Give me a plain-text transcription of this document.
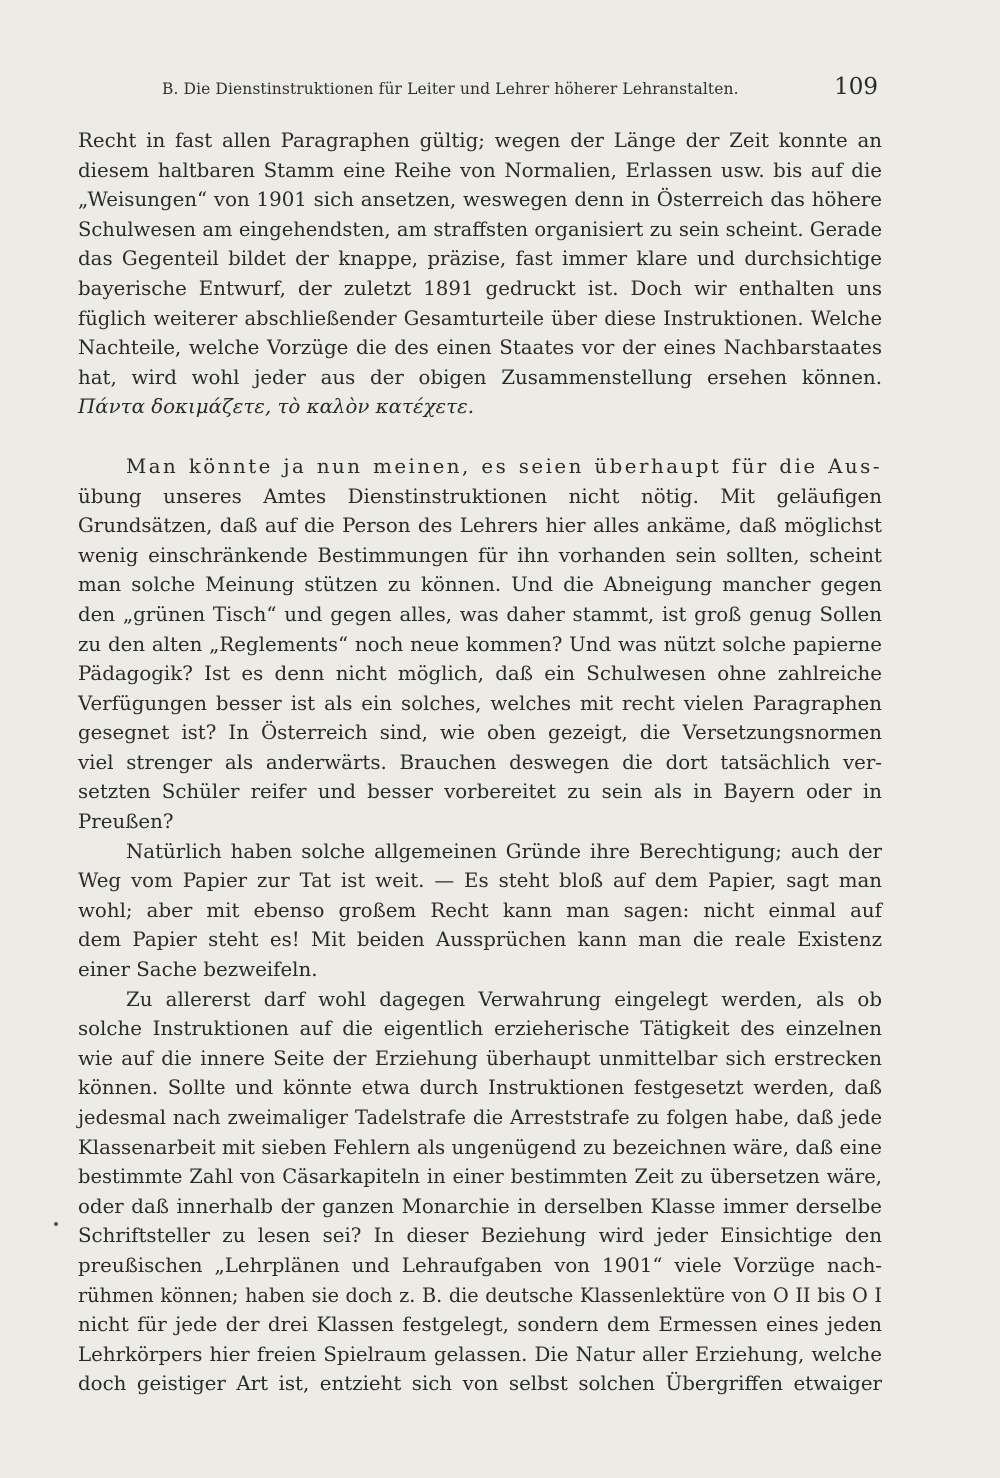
B. Die Dienstinstruktionen für Leiter und Lehrer höherer Lehranstalten.	109
Recht in fast allen Paragraphen gültig; wegen der Länge der Zeit konnte an
diesem haltbaren Stamm eine Reihe von Normalien, Erlassen usw. bis auf die
„Weisungen“ von 1901 sich ansetzen, weswegen denn in Österreich das höhere
Schulwesen am eingehendsten, am straffsten organisiert zu sein scheint. Gerade
das Gegenteil bildet der knappe, präzise, fast immer klare und durchsichtige
bayerische Entwurf, der zuletzt 1891 gedruckt ist. Doch wir enthalten uns
füglich weiterer abschließender Gesamturteile über diese Instruktionen. Welche
Nachteile, welche Vorzüge die des einen Staates vor der eines Nachbarstaates
hat, wird wohl jeder aus der obigen Zusammenstellung ersehen können.
Πάντα δοκιμάζετε, τὸ καλὸν κατέχετε.
Man könnte ja nun meinen, es seien überhaupt für die Aus-
übung unseres Amtes Dienstinstruktionen nicht nötig. Mit geläufigen
Grundsätzen, daß auf die Person des Lehrers hier alles ankäme, daß möglichst
wenig einschränkende Bestimmungen für ihn vorhanden sein sollten, scheint
man solche Meinung stützen zu können. Und die Abneigung mancher gegen
den „grünen Tisch“ und gegen alles, was daher stammt, ist groß genug Sollen
zu den alten „Reglements“ noch neue kommen? Und was nützt solche papierne
Pädagogik? Ist es denn nicht möglich, daß ein Schulwesen ohne zahlreiche
Verfügungen besser ist als ein solches, welches mit recht vielen Paragraphen
gesegnet ist? In Österreich sind, wie oben gezeigt, die Versetzungsnormen
viel strenger als anderwärts. Brauchen deswegen die dort tatsächlich ver-
setzten Schüler reifer und besser vorbereitet zu sein als in Bayern oder in
Preußen?
Natürlich haben solche allgemeinen Gründe ihre Berechtigung; auch der
Weg vom Papier zur Tat ist weit. — Es steht bloß auf dem Papier, sagt man
wohl; aber mit ebenso großem Recht kann man sagen: nicht einmal auf
dem Papier steht es! Mit beiden Aussprüchen kann man die reale Existenz
einer Sache bezweifeln.
Zu allererst darf wohl dagegen Verwahrung eingelegt werden, als ob
solche Instruktionen auf die eigentlich erzieherische Tätigkeit des einzelnen
wie auf die innere Seite der Erziehung überhaupt unmittelbar sich erstrecken
können. Sollte und könnte etwa durch Instruktionen festgesetzt werden, daß
jedesmal nach zweimaliger Tadelstrafe die Arreststrafe zu folgen habe, daß jede
Klassenarbeit mit sieben Fehlern als ungenügend zu bezeichnen wäre, daß eine
bestimmte Zahl von Cäsarkapiteln in einer bestimmten Zeit zu übersetzen wäre,
oder daß innerhalb der ganzen Monarchie in derselben Klasse immer derselbe
Schriftsteller zu lesen sei? In dieser Beziehung wird jeder Einsichtige den
preußischen „Lehrplänen und Lehraufgaben von 1901“ viele Vorzüge nach-
rühmen können; haben sie doch z. B. die deutsche Klassenlektüre von O II bis O I
nicht für jede der drei Klassen festgelegt, sondern dem Ermessen eines jeden
Lehrkörpers hier freien Spielraum gelassen. Die Natur aller Erziehung, welche
doch geistiger Art ist, entzieht sich von selbst solchen Übergriffen etwaiger
